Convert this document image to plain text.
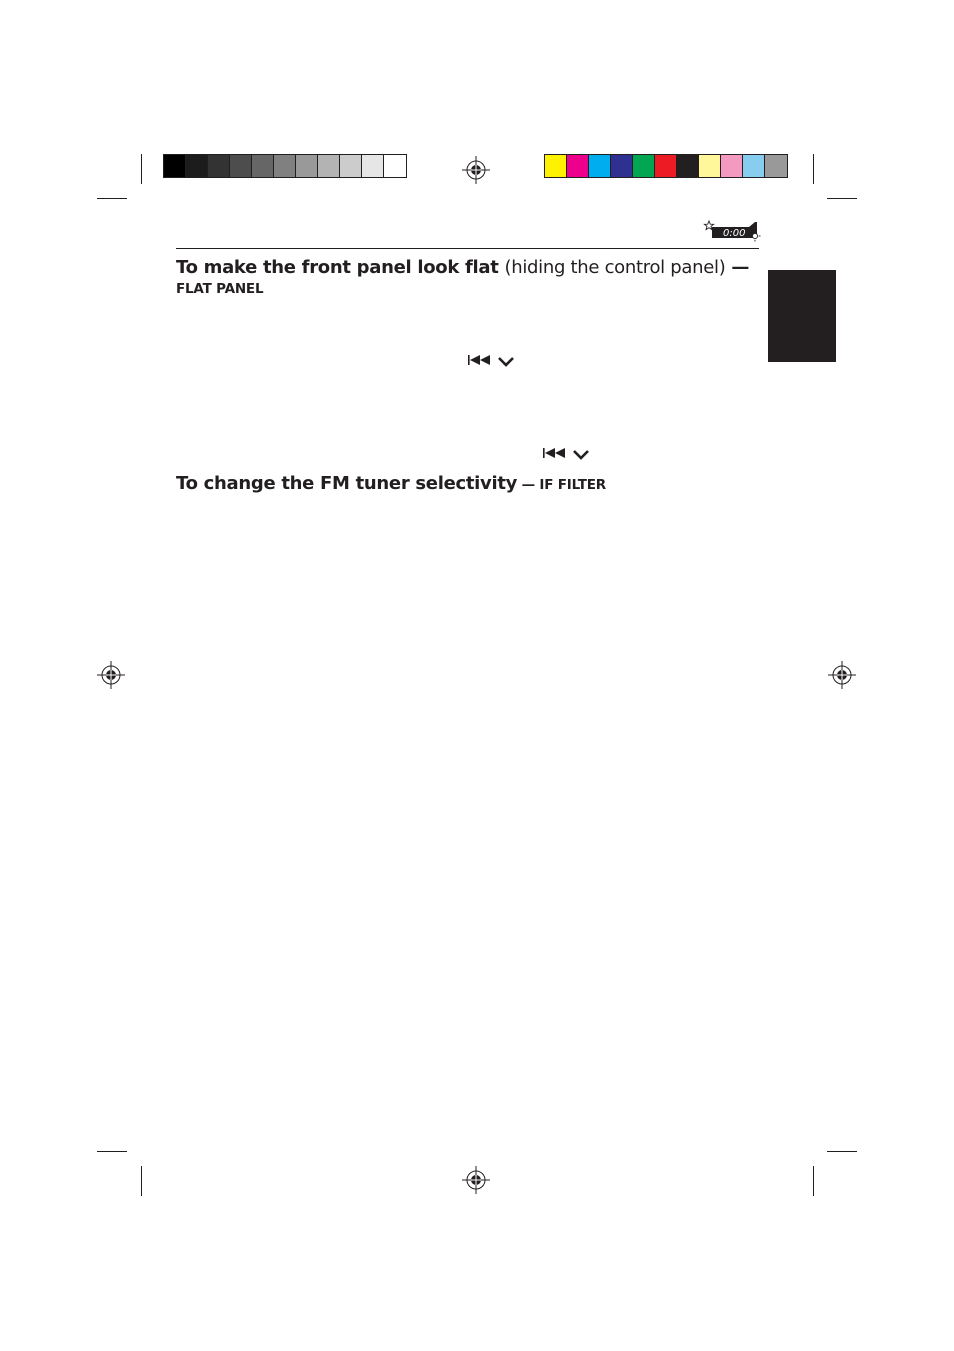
0:00
To make the front panel look flat (hiding the control panel) —
FLAT PANEL
To change the FM tuner selectivity — IF FILTER
